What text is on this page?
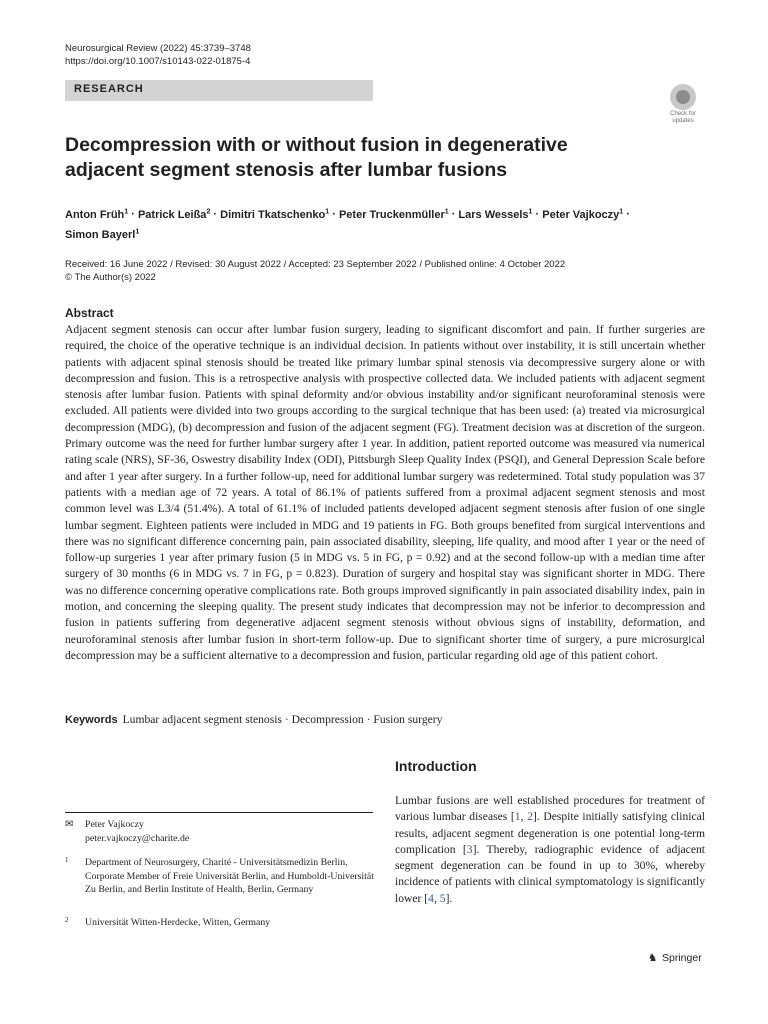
Neurosurgical Review (2022) 45:3739–3748
https://doi.org/10.1007/s10143-022-01875-4
RESEARCH
Check for
updates
Decompression with or without fusion in degenerative
adjacent segment stenosis after lumbar fusions
Anton Früh$^1$ · Patrick Leißa$^2$ · Dimitri Tkatschenko$^1$ · Peter Truckenmüller$^1$ · Lars Wessels$^1$ · Peter Vajkoczy$^1$ ·
Simon Bayerl$^1$
Received: 16 June 2022 / Revised: 30 August 2022 / Accepted: 23 September 2022 / Published online: 4 October 2022
© The Author(s) 2022
Abstract

Adjacent segment stenosis can occur after lumbar fusion surgery, leading to significant discomfort and pain. If further surgeries are required, the choice of the operative technique is an individual decision. In patients without over instability, it is still uncertain whether patients with adjacent spinal stenosis should be treated like primary lumbar spinal stenosis via decompressive surgery alone or with decompression and fusion. This is a retrospective analysis with prospective collected data. We included patients with adjacent segment stenosis after lumbar fusion. Patients with spinal deformity and/or obvious instability and/or significant neuroforaminal stenosis were excluded. All patients were divided into two groups according to the surgical technique that has been used: (a) treated via microsurgical decompression (MDG), (b) decompression and fusion of the adjacent segment (FG). Treatment decision was at discretion of the surgeon. Primary outcome was the need for further lumbar surgery after 1 year. In addition, patient reported outcome was measured via numerical rating scale (NRS), SF-36, Oswestry disability Index (ODI), Pittsburgh Sleep Quality Index (PSQI), and General Depression Scale before and after 1 year after surgery. In a further follow-up, need for additional lumbar surgery was redetermined. Total study population was 37 patients with a median age of 72 years. A total of 86.1% of patients suffered from a proximal adjacent segment stenosis and most common level was L3/4 (51.4%). A total of 61.1% of included patients developed adjacent segment stenosis after fusion of one single lumbar segment. Eighteen patients were included in MDG and 19 patients in FG. Both groups benefited from surgical interventions and there was no significant difference concerning pain, pain associated disability, sleeping, life quality, and mood after 1 year or the need of follow-up surgeries 1 year after primary fusion (5 in MDG vs. 5 in FG, p = 0.92) and at the second follow-up with a median time after surgery of 30 months (6 in MDG vs. 7 in FG, p = 0.823). Duration of surgery and hospital stay was significant shorter in MDG. There was no difference concerning operative complications rate. Both groups improved significantly in pain associated disability index, pain in motion, and concerning the sleeping quality. The present study indicates that decompression may not be inferior to decompression and fusion in patients suffering from degenerative adjacent segment stenosis without obvious signs of instability, deformation, and neuroforaminal stenosis after lumbar fusion in short-term follow-up. Due to significant shorter time of surgery, a pure microsurgical decompression may be a sufficient alternative to a decompression and fusion, particular regarding old age of this patient cohort.

Keywords Lumbar adjacent segment stenosis · Decompression · Fusion surgery
✉ Peter Vajkoczy
peter.vajkoczy@charite.de
1 Department of Neurosurgery, Charité - Universitätsmedizin Berlin, Corporate Member of Freie Universität Berlin, and Humboldt-Universität Zu Berlin, and Berlin Institute of Health, Berlin, Germany
2 Universität Witten-Herdecke, Witten, Germany
Introduction

Lumbar fusions are well established procedures for treatment of various lumbar diseases [1, 2]. Despite initially satisfying clinical results, adjacent segment degeneration is one potential long-term complication [3]. Thereby, radiographic evidence of adjacent segment degeneration can be found in up to 30%, whereby incidence of patients with clinical symptomatology is significantly lower [4, 5].

♞ Springer
